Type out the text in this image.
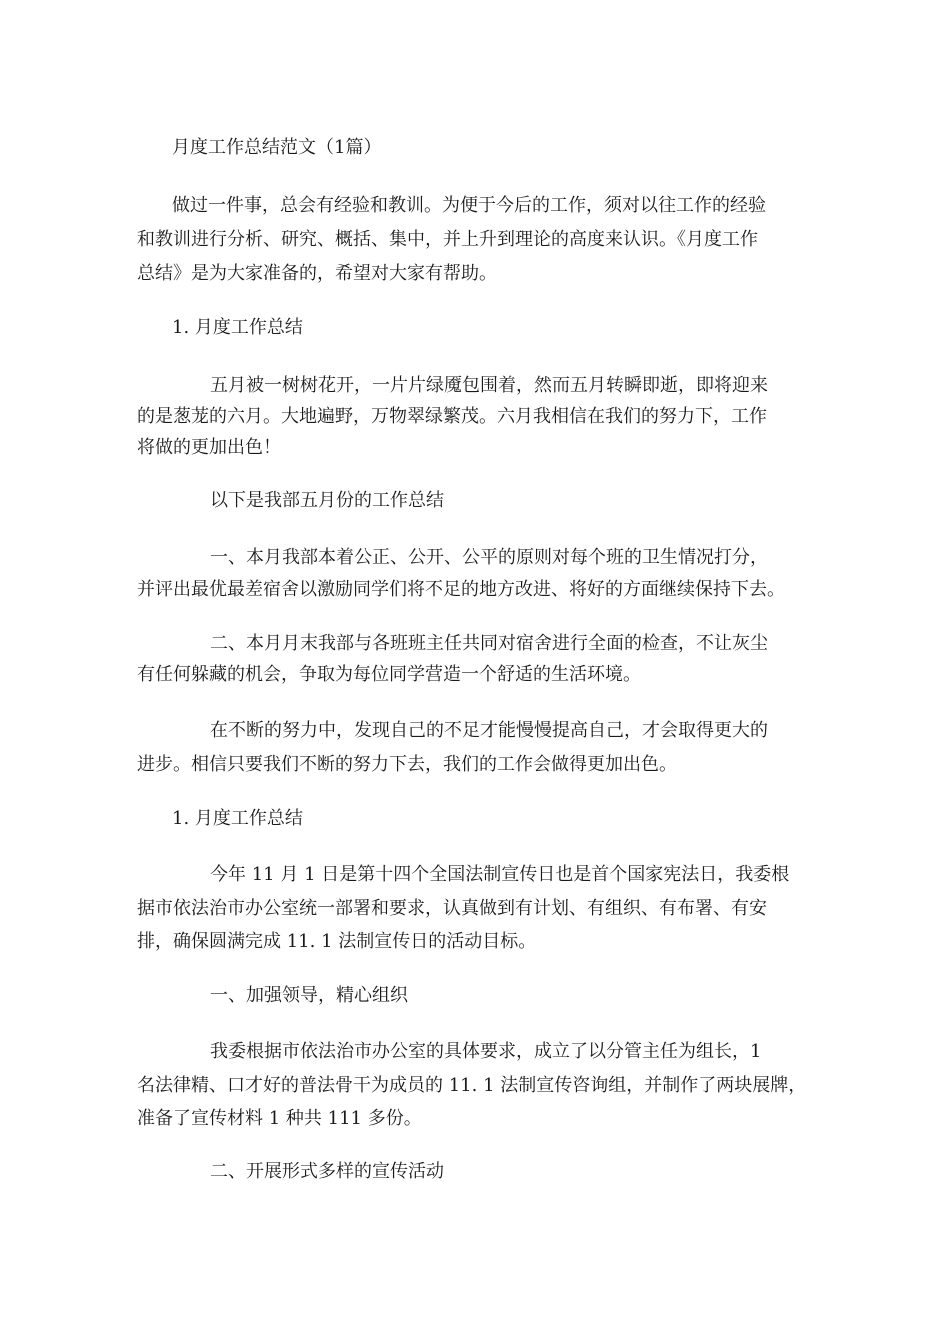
月度工作总结范文（1篇）

做过一件事，总会有经验和教训。为便于今后的工作，须对以往工作的经验

和教训进行分析、研究、概括、集中，并上升到理论的高度来认识。《月度工作

总结》是为大家准备的，希望对大家有帮助。

1. 月度工作总结

五月被一树树花开，一片片绿魇包围着，然而五月转瞬即逝，即将迎来

的是葱茏的六月。大地遍野，万物翠绿繁茂。六月我相信在我们的努力下，工作

将做的更加出色！

以下是我部五月份的工作总结

一、本月我部本着公正、公开、公平的原则对每个班的卫生情况打分，

并评出最优最差宿舍以激励同学们将不足的地方改进、将好的方面继续保持下去。

二、本月月末我部与各班班主任共同对宿舍进行全面的检查，不让灰尘

有任何躲藏的机会，争取为每位同学营造一个舒适的生活环境。

在不断的努力中，发现自己的不足才能慢慢提高自己，才会取得更大的

进步。相信只要我们不断的努力下去，我们的工作会做得更加出色。

1. 月度工作总结

今年 11 月 1 日是第十四个全国法制宣传日也是首个国家宪法日，我委根

据市依法治市办公室统一部署和要求，认真做到有计划、有组织、有布署、有安

排，确保圆满完成 11. 1 法制宣传日的活动目标。

一、加强领导，精心组织

我委根据市依法治市办公室的具体要求，成立了以分管主任为组长，1

名法律精、口才好的普法骨干为成员的 11. 1 法制宣传咨询组，并制作了两块展牌，

准备了宣传材料 1 种共 111 多份。

二、开展形式多样的宣传活动
